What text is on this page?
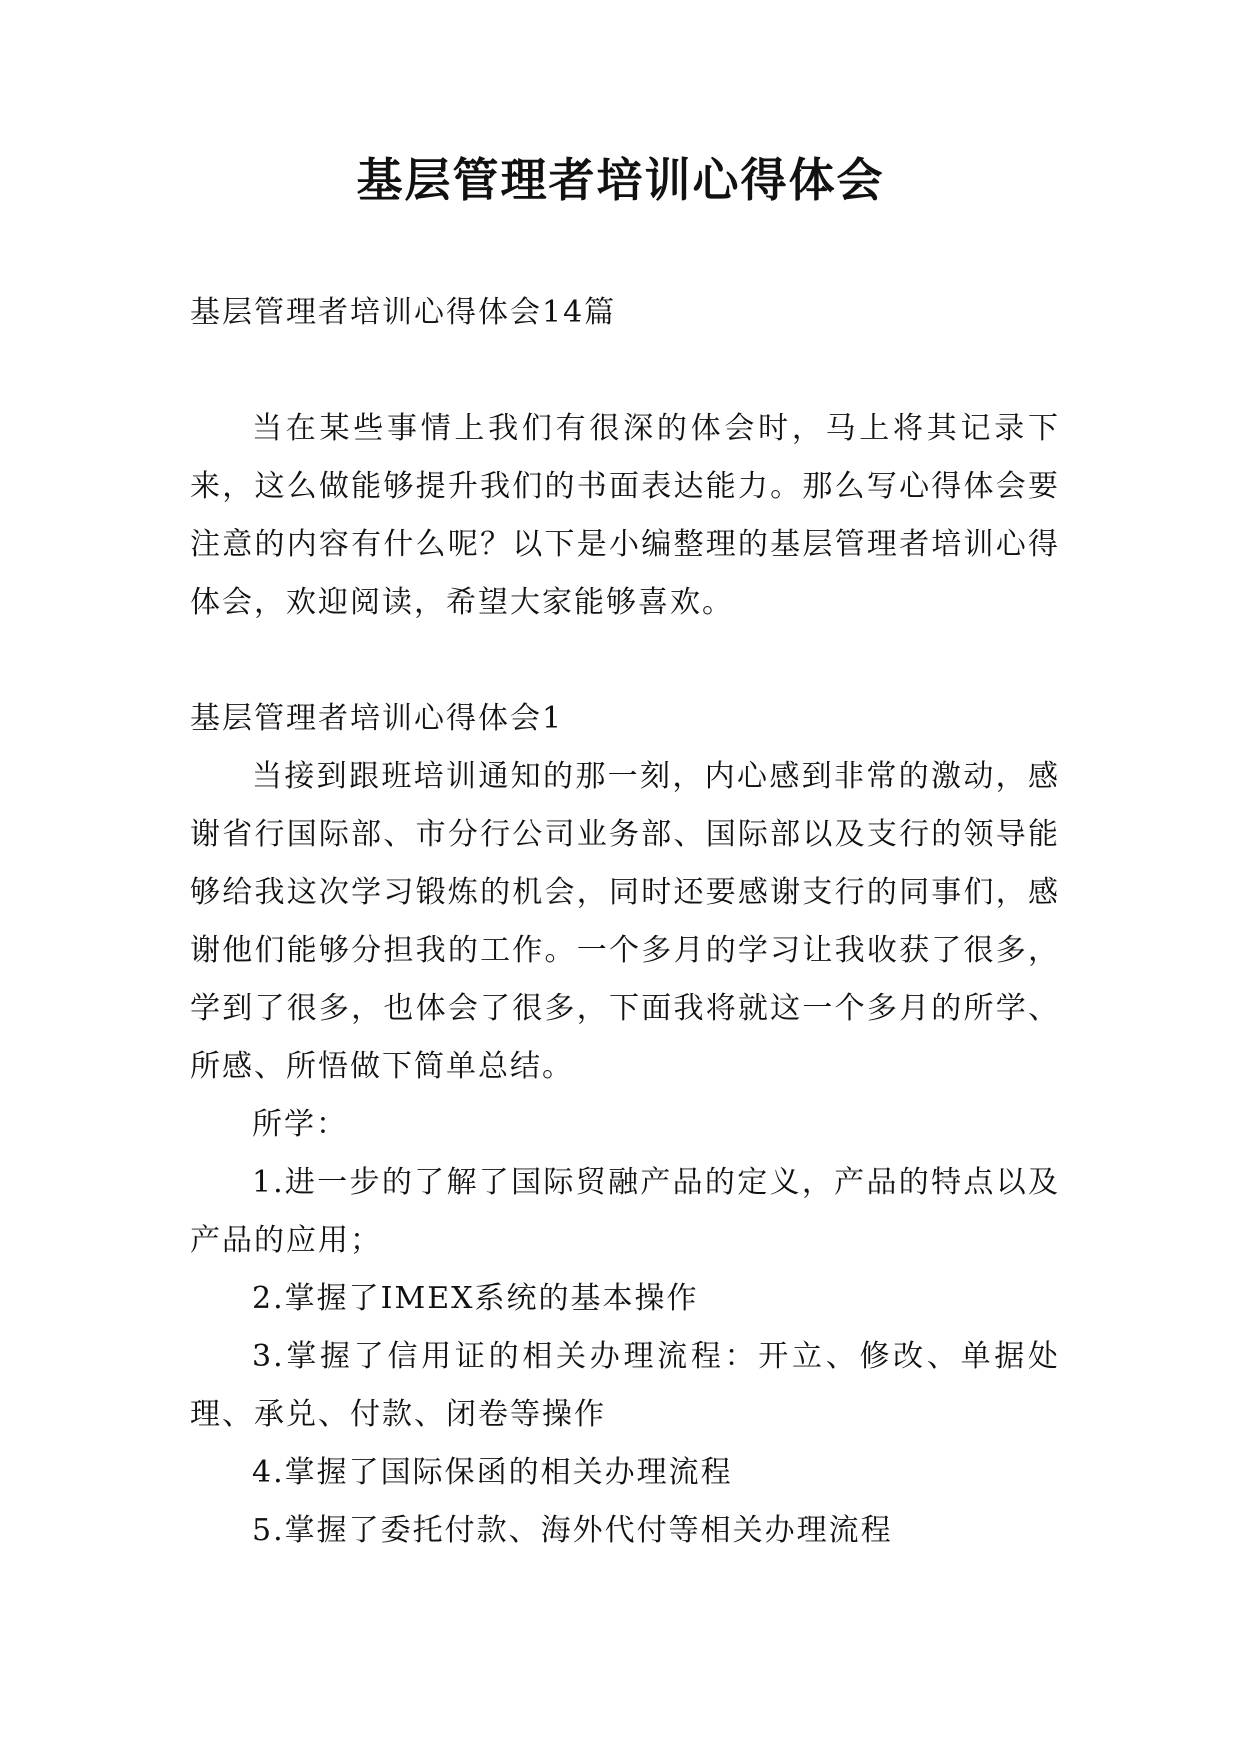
基层管理者培训心得体会

基层管理者培训心得体会14篇

当在某些事情上我们有很深的体会时，马上将其记录下来，这么做能够提升我们的书面表达能力。那么写心得体会要注意的内容有什么呢？以下是小编整理的基层管理者培训心得体会，欢迎阅读，希望大家能够喜欢。

基层管理者培训心得体会1

当接到跟班培训通知的那一刻，内心感到非常的激动，感谢省行国际部、市分行公司业务部、国际部以及支行的领导能够给我这次学习锻炼的机会，同时还要感谢支行的同事们，感谢他们能够分担我的工作。一个多月的学习让我收获了很多，学到了很多，也体会了很多，下面我将就这一个多月的所学、所感、所悟做下简单总结。

所学：

1.进一步的了解了国际贸融产品的定义，产品的特点以及产品的应用；

2.掌握了IMEX系统的基本操作

3.掌握了信用证的相关办理流程：开立、修改、单据处理、承兑、付款、闭卷等操作

4.掌握了国际保函的相关办理流程

5.掌握了委托付款、海外代付等相关办理流程
